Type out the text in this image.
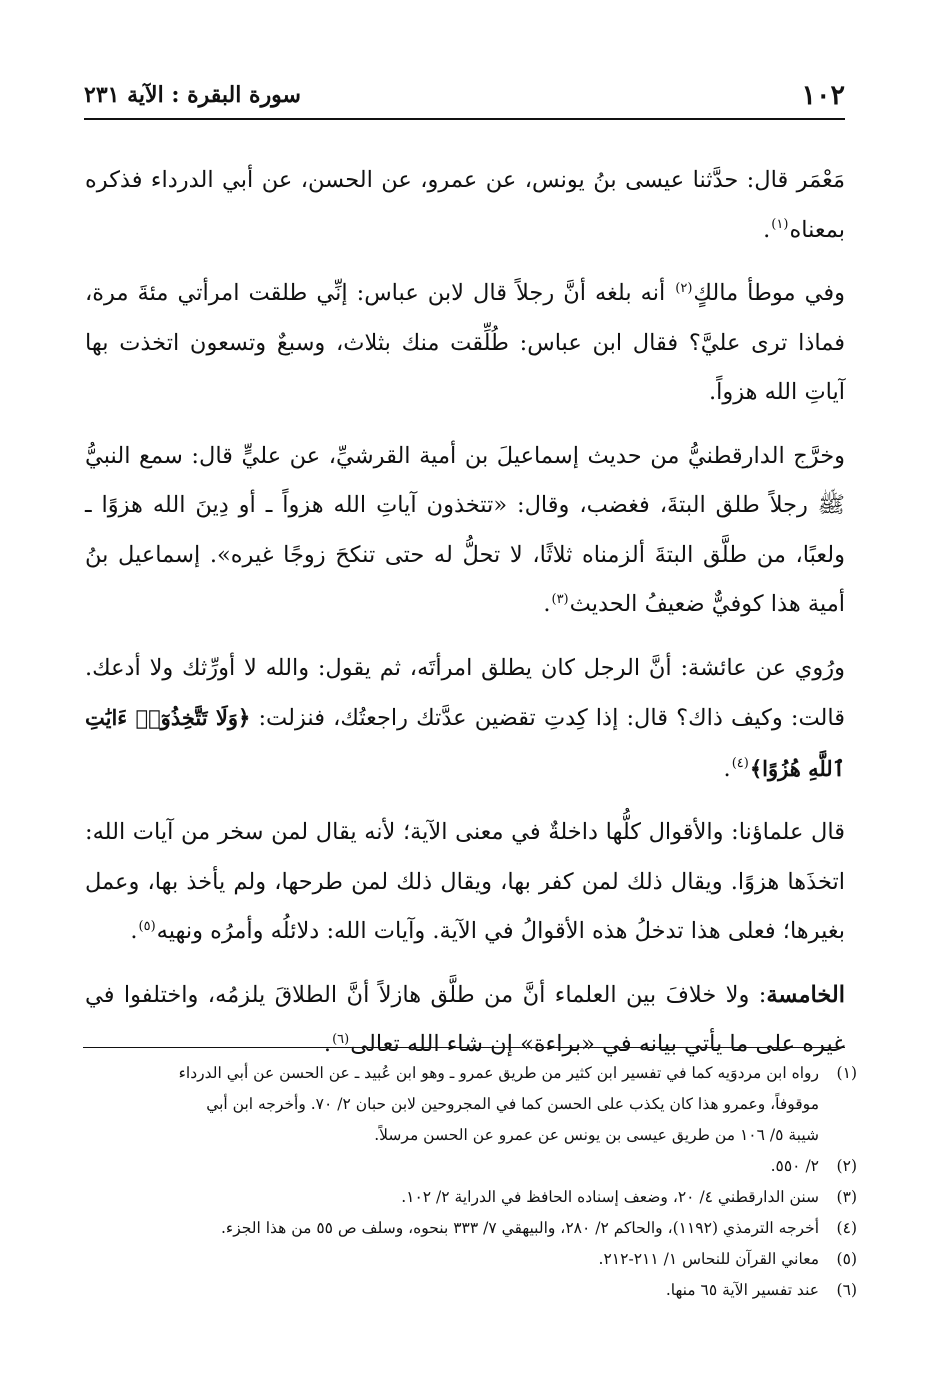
١٠٢
سورة البقرة : الآية ٢٣١

مَعْمَر قال: حدَّثنا عيسى بنُ يونس، عن عمرو، عن الحسن، عن أبي الدرداء فذكره بمعناه$^{(١)}$.

وفي موطأ مالكٍ$^{(٢)}$ أنه بلغه أنَّ رجلاً قال لابن عباس: إنِّي طلقت امرأتي مئةَ مرة، فماذا ترى عليَّ؟ فقال ابن عباس: طُلِّقت منك بثلاث، وسبعٌ وتسعون اتخذت بها آياتِ الله هزواً.

وخرَّج الدارقطنيُّ من حديث إسماعيلَ بن أمية القرشيِّ، عن عليٍّ قال: سمع النبيُّ ﷺ رجلاً طلق البتةَ، فغضب، وقال: «تتخذون آياتِ الله هزواً ـ أو دِينَ الله هزوًا ـ ولعبًا، من طلَّق البتةَ ألزمناه ثلاثًا، لا تحلُّ له حتى تنكحَ زوجًا غيره». إسماعيل بنُ أمية هذا كوفيٌّ ضعيفُ الحديث$^{(٣)}$.

ورُوي عن عائشة: أنَّ الرجل كان يطلق امرأتَه، ثم يقول: والله لا أورِّثك ولا أدعك. قالت: وكيف ذاك؟ قال: إذا كِدتِ تقضين عدَّتك راجعتُك، فنزلت: ﴿وَلَا تَتَّخِذُوٓا۟ ءَايَٰتِ ٱللَّهِ هُزُوًا﴾$^{(٤)}$.

قال علماؤنا: والأقوال كلُّها داخلةٌ في معنى الآية؛ لأنه يقال لمن سخر من آيات الله: اتخذَها هزوًا. ويقال ذلك لمن كفر بها، ويقال ذلك لمن طرحها، ولم يأخذ بها، وعمل بغيرها؛ فعلى هذا تدخلُ هذه الأقوالُ في الآية. وآيات الله: دلائلُه وأمرُه ونهيه$^{(٥)}$.

الخامسة: ولا خلافَ بين العلماء أنَّ من طلَّق هازلاً أنَّ الطلاقَ يلزمُه، واختلفوا في غيره على ما يأتي بيانه في «براءة» إن شاء الله تعالى$^{(٦)}$.

(١)
رواه ابن مردوَيه كما في تفسير ابن كثير من طريق عمرو ـ وهو ابن عُبيد ـ عن الحسن عن أبي الدرداء
موقوفاً، وعمرو هذا كان يكذب على الحسن كما في المجروحين لابن حبان ٢/ ٧٠. وأخرجه ابن أبي
شيبة ٥/ ١٠٦ من طريق عيسى بن يونس عن عمرو عن الحسن مرسلاً.
(٢)
٢/ ٥٥٠.
(٣)
سنن الدارقطني ٤/ ٢٠، وضعف إسناده الحافظ في الدراية ٢/ ١٠٢.
(٤)
أخرجه الترمذي (١١٩٢)، والحاكم ٢/ ٢٨٠، والبيهقي ٧/ ٣٣٣ بنحوه، وسلف ص ٥٥ من هذا الجزء.
(٥)
معاني القرآن للنحاس ١/ ٢١١-٢١٢.
(٦)
عند تفسير الآية ٦٥ منها.
